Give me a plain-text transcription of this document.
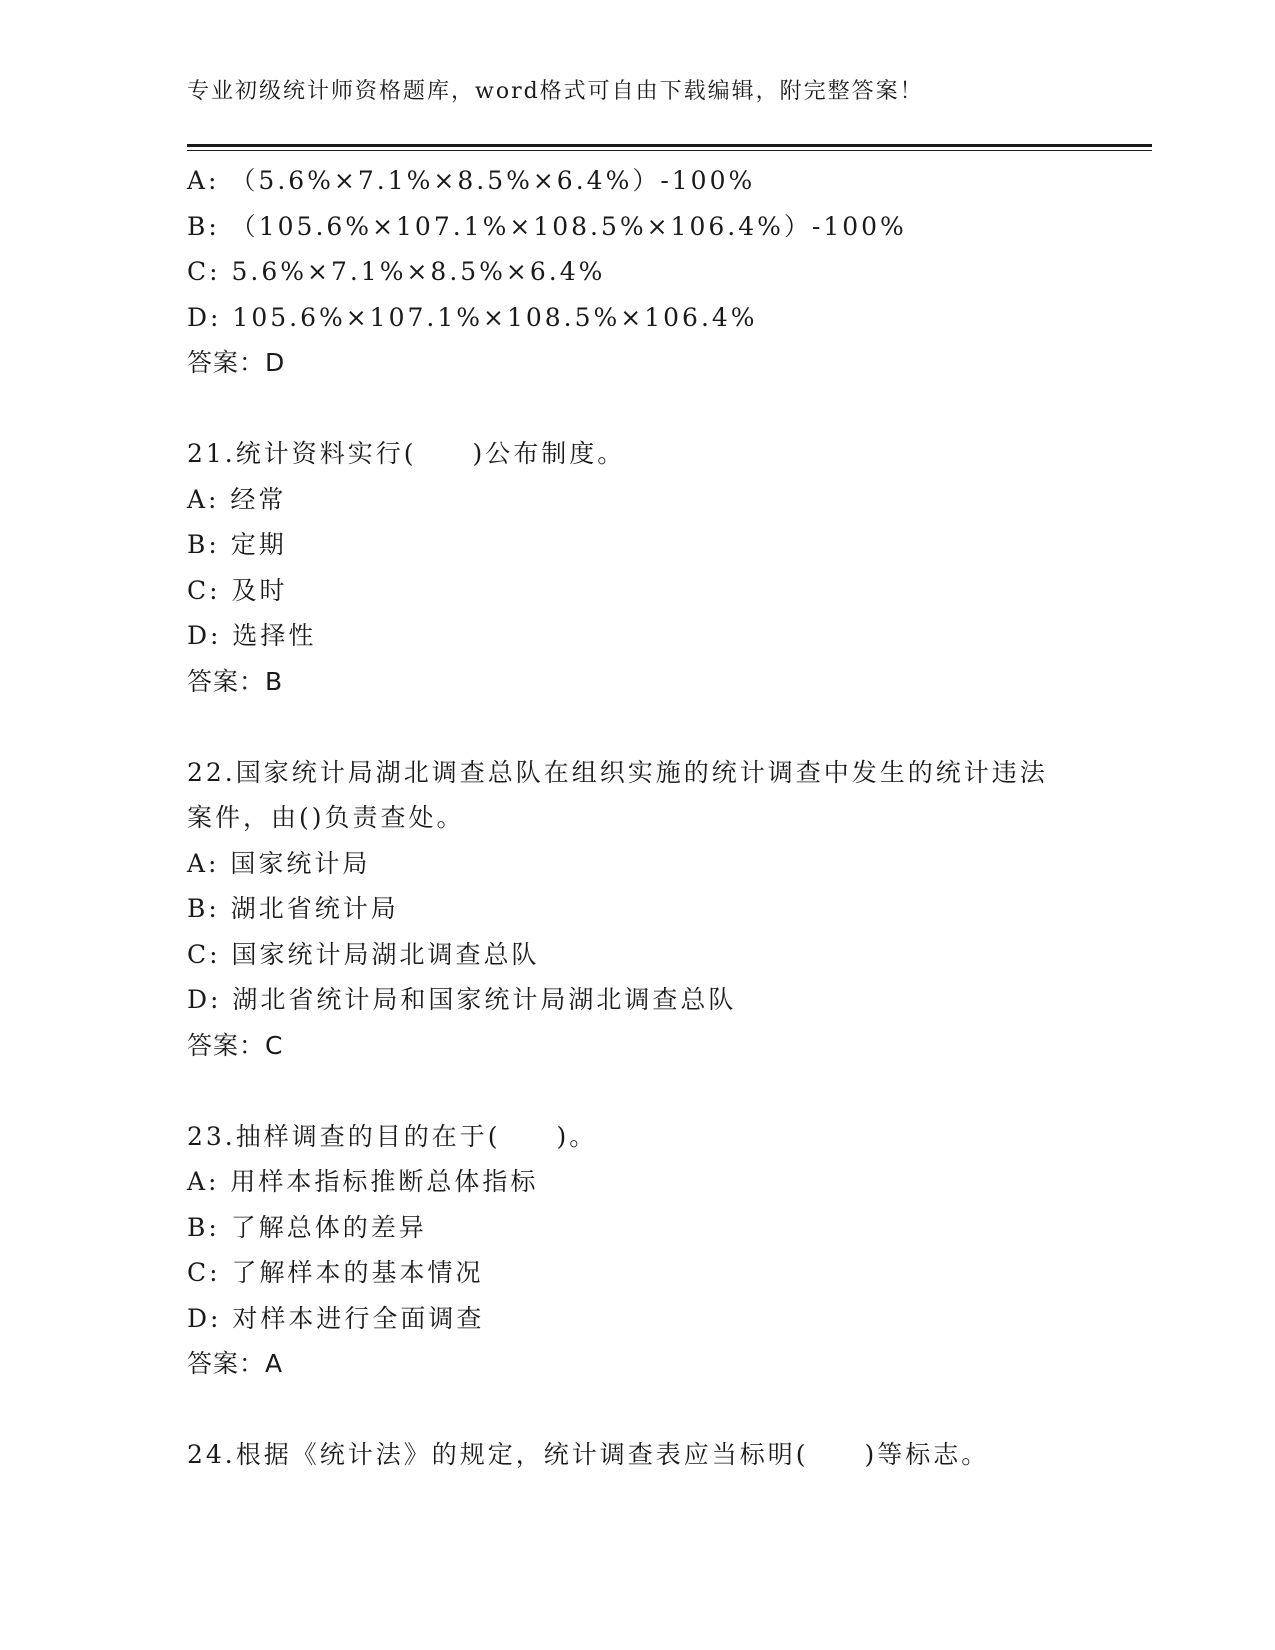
专业初级统计师资格题库，word格式可自由下载编辑，附完整答案！
A: （5.6%×7.1%×8.5%×6.4%）-100%
B: （105.6%×107.1%×108.5%×106.4%）-100%
C: 5.6%×7.1%×8.5%×6.4%
D: 105.6%×107.1%×108.5%×106.4%
答案：D
21.统计资料实行(　　)公布制度。
A: 经常
B: 定期
C: 及时
D: 选择性
答案：B
22.国家统计局湖北调查总队在组织实施的统计调查中发生的统计违法
案件，由()负责查处。
A: 国家统计局
B: 湖北省统计局
C: 国家统计局湖北调查总队
D: 湖北省统计局和国家统计局湖北调查总队
答案：C
23.抽样调查的目的在于(　　)。
A: 用样本指标推断总体指标
B: 了解总体的差异
C: 了解样本的基本情况
D: 对样本进行全面调查
答案：A
24.根据《统计法》的规定，统计调查表应当标明(　　)等标志。
